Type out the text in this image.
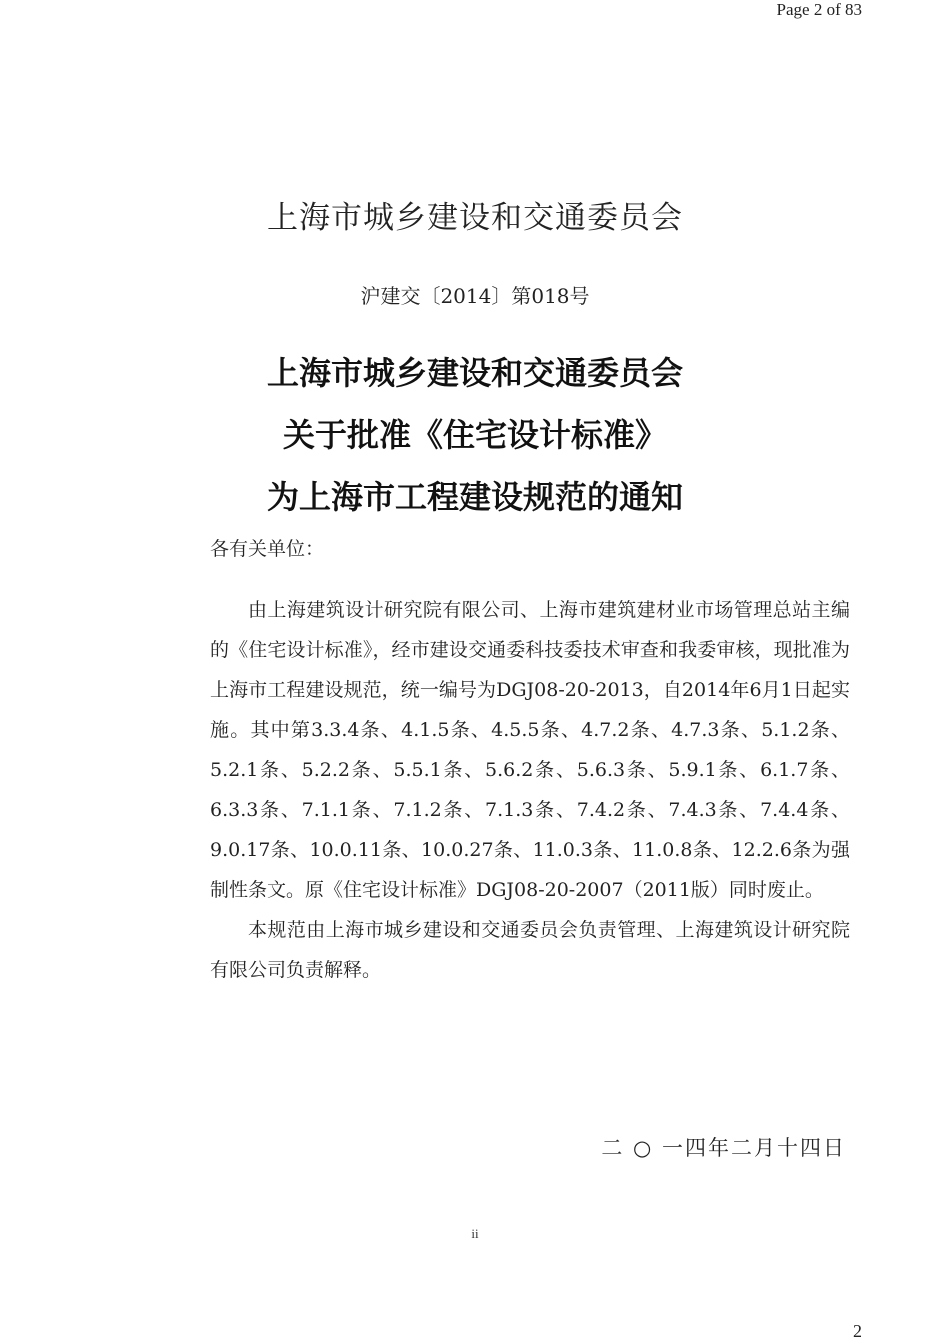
Page 2 of 83
上海市城乡建设和交通委员会
沪建交〔2014〕第018号
上海市城乡建设和交通委员会
关于批准《住宅设计标准》
为上海市工程建设规范的通知
各有关单位：

由上海建筑设计研究院有限公司、上海市建筑建材业市场管理总站主编的《住宅设计标准》，经市建设交通委科技委技术审查和我委审核，现批准为上海市工程建设规范，统一编号为DGJ08-20-2013，自2014年6月1日起实施。其中第3.3.4条、4.1.5条、4.5.5条、4.7.2条、4.7.3条、5.1.2条、5.2.1条、5.2.2条、5.5.1条、5.6.2条、5.6.3条、5.9.1条、6.1.7条、6.3.3条、7.1.1条、7.1.2条、7.1.3条、7.4.2条、7.4.3条、7.4.4条、9.0.17条、10.0.11条、10.0.27条、11.0.3条、11.0.8条、12.2.6条为强制性条文。原《住宅设计标准》DGJ08-20-2007（2011版）同时废止。

本规范由上海市城乡建设和交通委员会负责管理、上海建筑设计研究院有限公司负责解释。

二 ○ 一四年二月十四日
ii
2
